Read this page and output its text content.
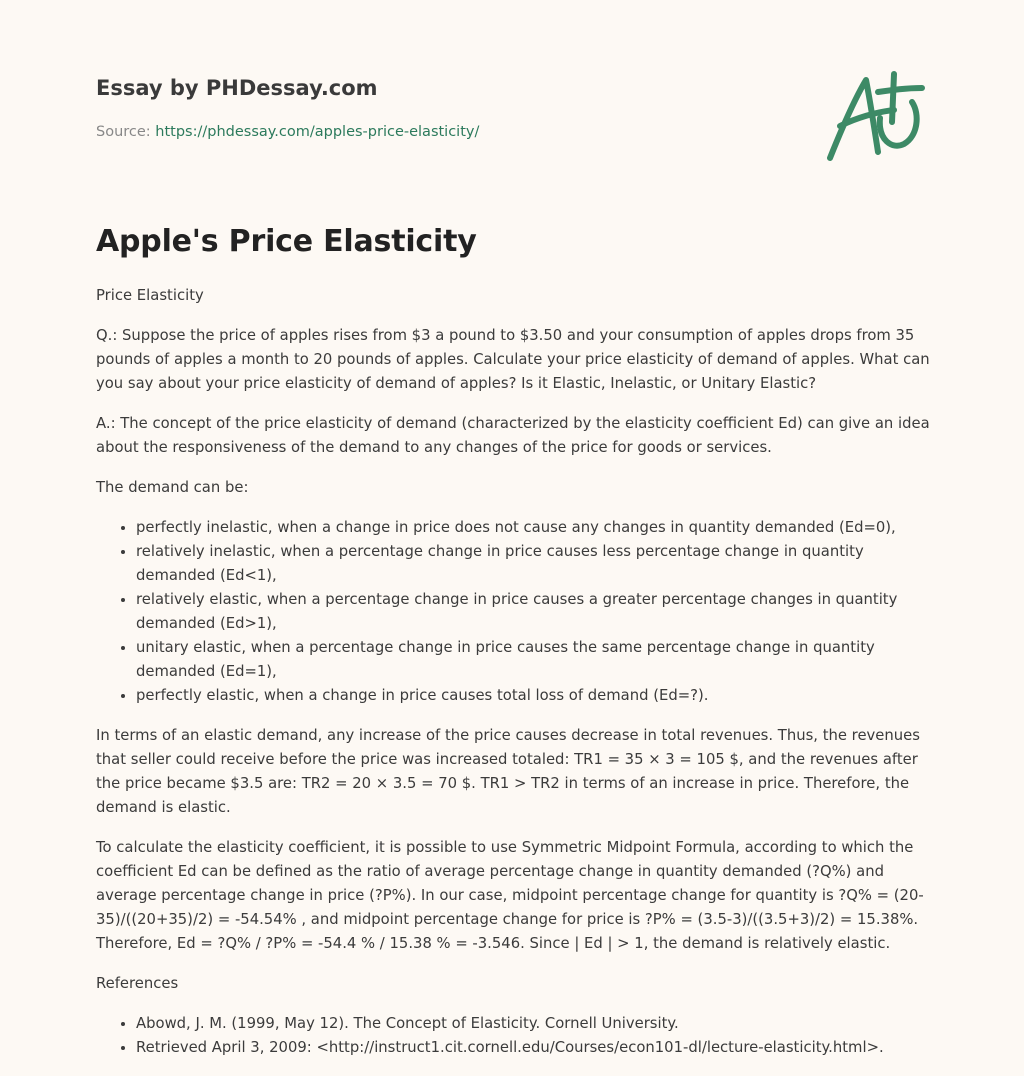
Essay by PHDessay.com

Source: https://phdessay.com/apples-price-elasticity/

Apple's Price Elasticity

Price Elasticity

Q.: Suppose the price of apples rises from $3 a pound to $3.50 and your consumption of apples drops from 35 pounds of apples a month to 20 pounds of apples. Calculate your price elasticity of demand of apples. What can you say about your price elasticity of demand of apples? Is it Elastic, Inelastic, or Unitary Elastic?

A.: The concept of the price elasticity of demand (characterized by the elasticity coefficient Ed) can give an idea about the responsiveness of the demand to any changes of the price for goods or services.

The demand can be:

• perfectly inelastic, when a change in price does not cause any changes in quantity demanded (Ed=0),
• relatively inelastic, when a percentage change in price causes less percentage change in quantity demanded (Ed<1),
• relatively elastic, when a percentage change in price causes a greater percentage changes in quantity demanded (Ed>1),
• unitary elastic, when a percentage change in price causes the same percentage change in quantity demanded (Ed=1),
• perfectly elastic, when a change in price causes total loss of demand (Ed=?).

In terms of an elastic demand, any increase of the price causes decrease in total revenues. Thus, the revenues that seller could receive before the price was increased totaled: TR1 = 35 × 3 = 105 $, and the revenues after the price became $3.5 are: TR2 = 20 × 3.5 = 70 $. TR1 > TR2 in terms of an increase in price. Therefore, the demand is elastic.

To calculate the elasticity coefficient, it is possible to use Symmetric Midpoint Formula, according to which the coefficient Ed can be defined as the ratio of average percentage change in quantity demanded (?Q%) and average percentage change in price (?P%). In our case, midpoint percentage change for quantity is ?Q% = (20-35)/((20+35)/2) = -54.54% , and midpoint percentage change for price is ?P% = (3.5-3)/((3.5+3)/2) = 15.38%. Therefore, Ed = ?Q% / ?P% = -54.4 % / 15.38 % = -3.546. Since | Ed | > 1, the demand is relatively elastic.

References

• Abowd, J. M. (1999, May 12). The Concept of Elasticity. Cornell University.
• Retrieved April 3, 2009: <http://instruct1.cit.cornell.edu/Courses/econ101-dl/lecture-elasticity.html>.
